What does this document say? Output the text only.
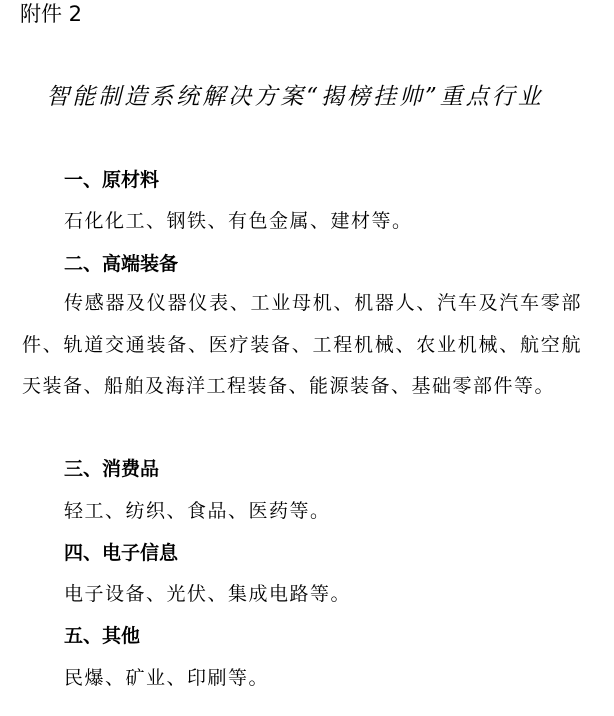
附件 2
智能制造系统解决方案“揭榜挂帅”重点行业
一、原材料
石化化工、钢铁、有色金属、建材等。
二、高端装备
传感器及仪器仪表、工业母机、机器人、汽车及汽车零部件、轨道交通装备、医疗装备、工程机械、农业机械、航空航天装备、船舶及海洋工程装备、能源装备、基础零部件等。
三、消费品
轻工、纺织、食品、医药等。
四、电子信息
电子设备、光伏、集成电路等。
五、其他
民爆、矿业、印刷等。
